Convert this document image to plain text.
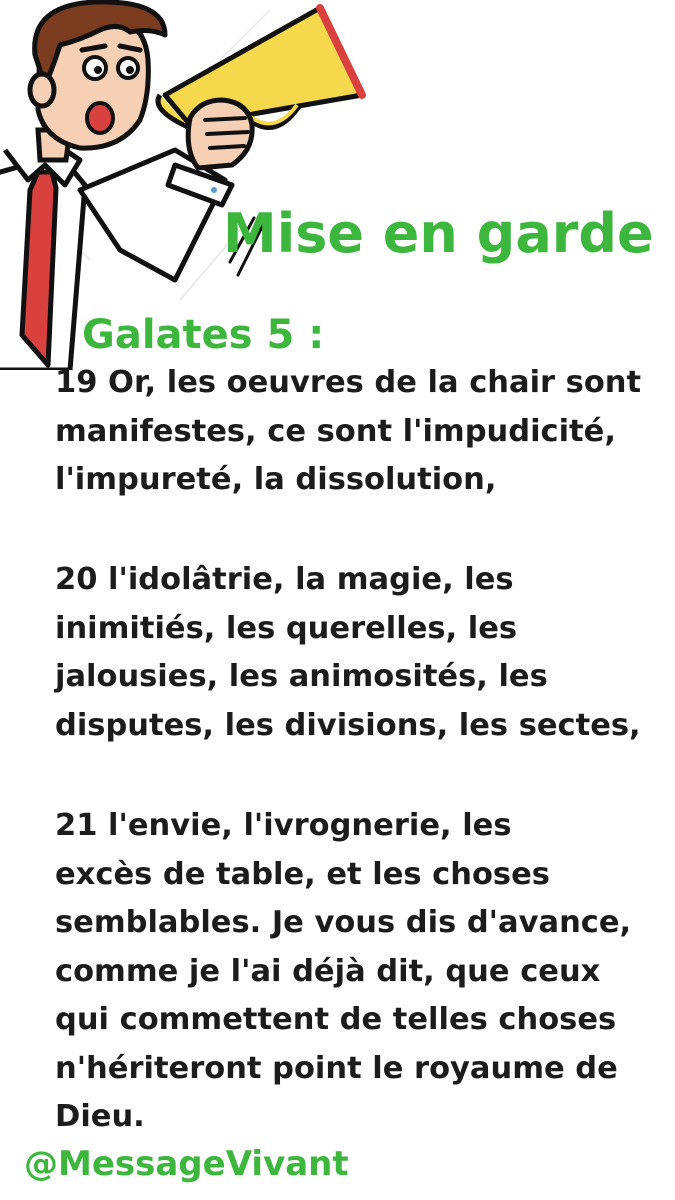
Mise en garde
Galates 5 :

19 Or, les oeuvres de la chair sont
manifestes, ce sont l'impudicité,
l'impureté, la dissolution,

20 l'idolâtrie, la magie, les
inimitiés, les querelles, les
jalousies, les animosités, les
disputes, les divisions, les sectes,

21 l'envie, l'ivrognerie, les
excès de table, et les choses
semblables. Je vous dis d'avance,
comme je l'ai déjà dit, que ceux
qui commettent de telles choses
n'hériteront point le royaume de
Dieu.

@MessageVivant
